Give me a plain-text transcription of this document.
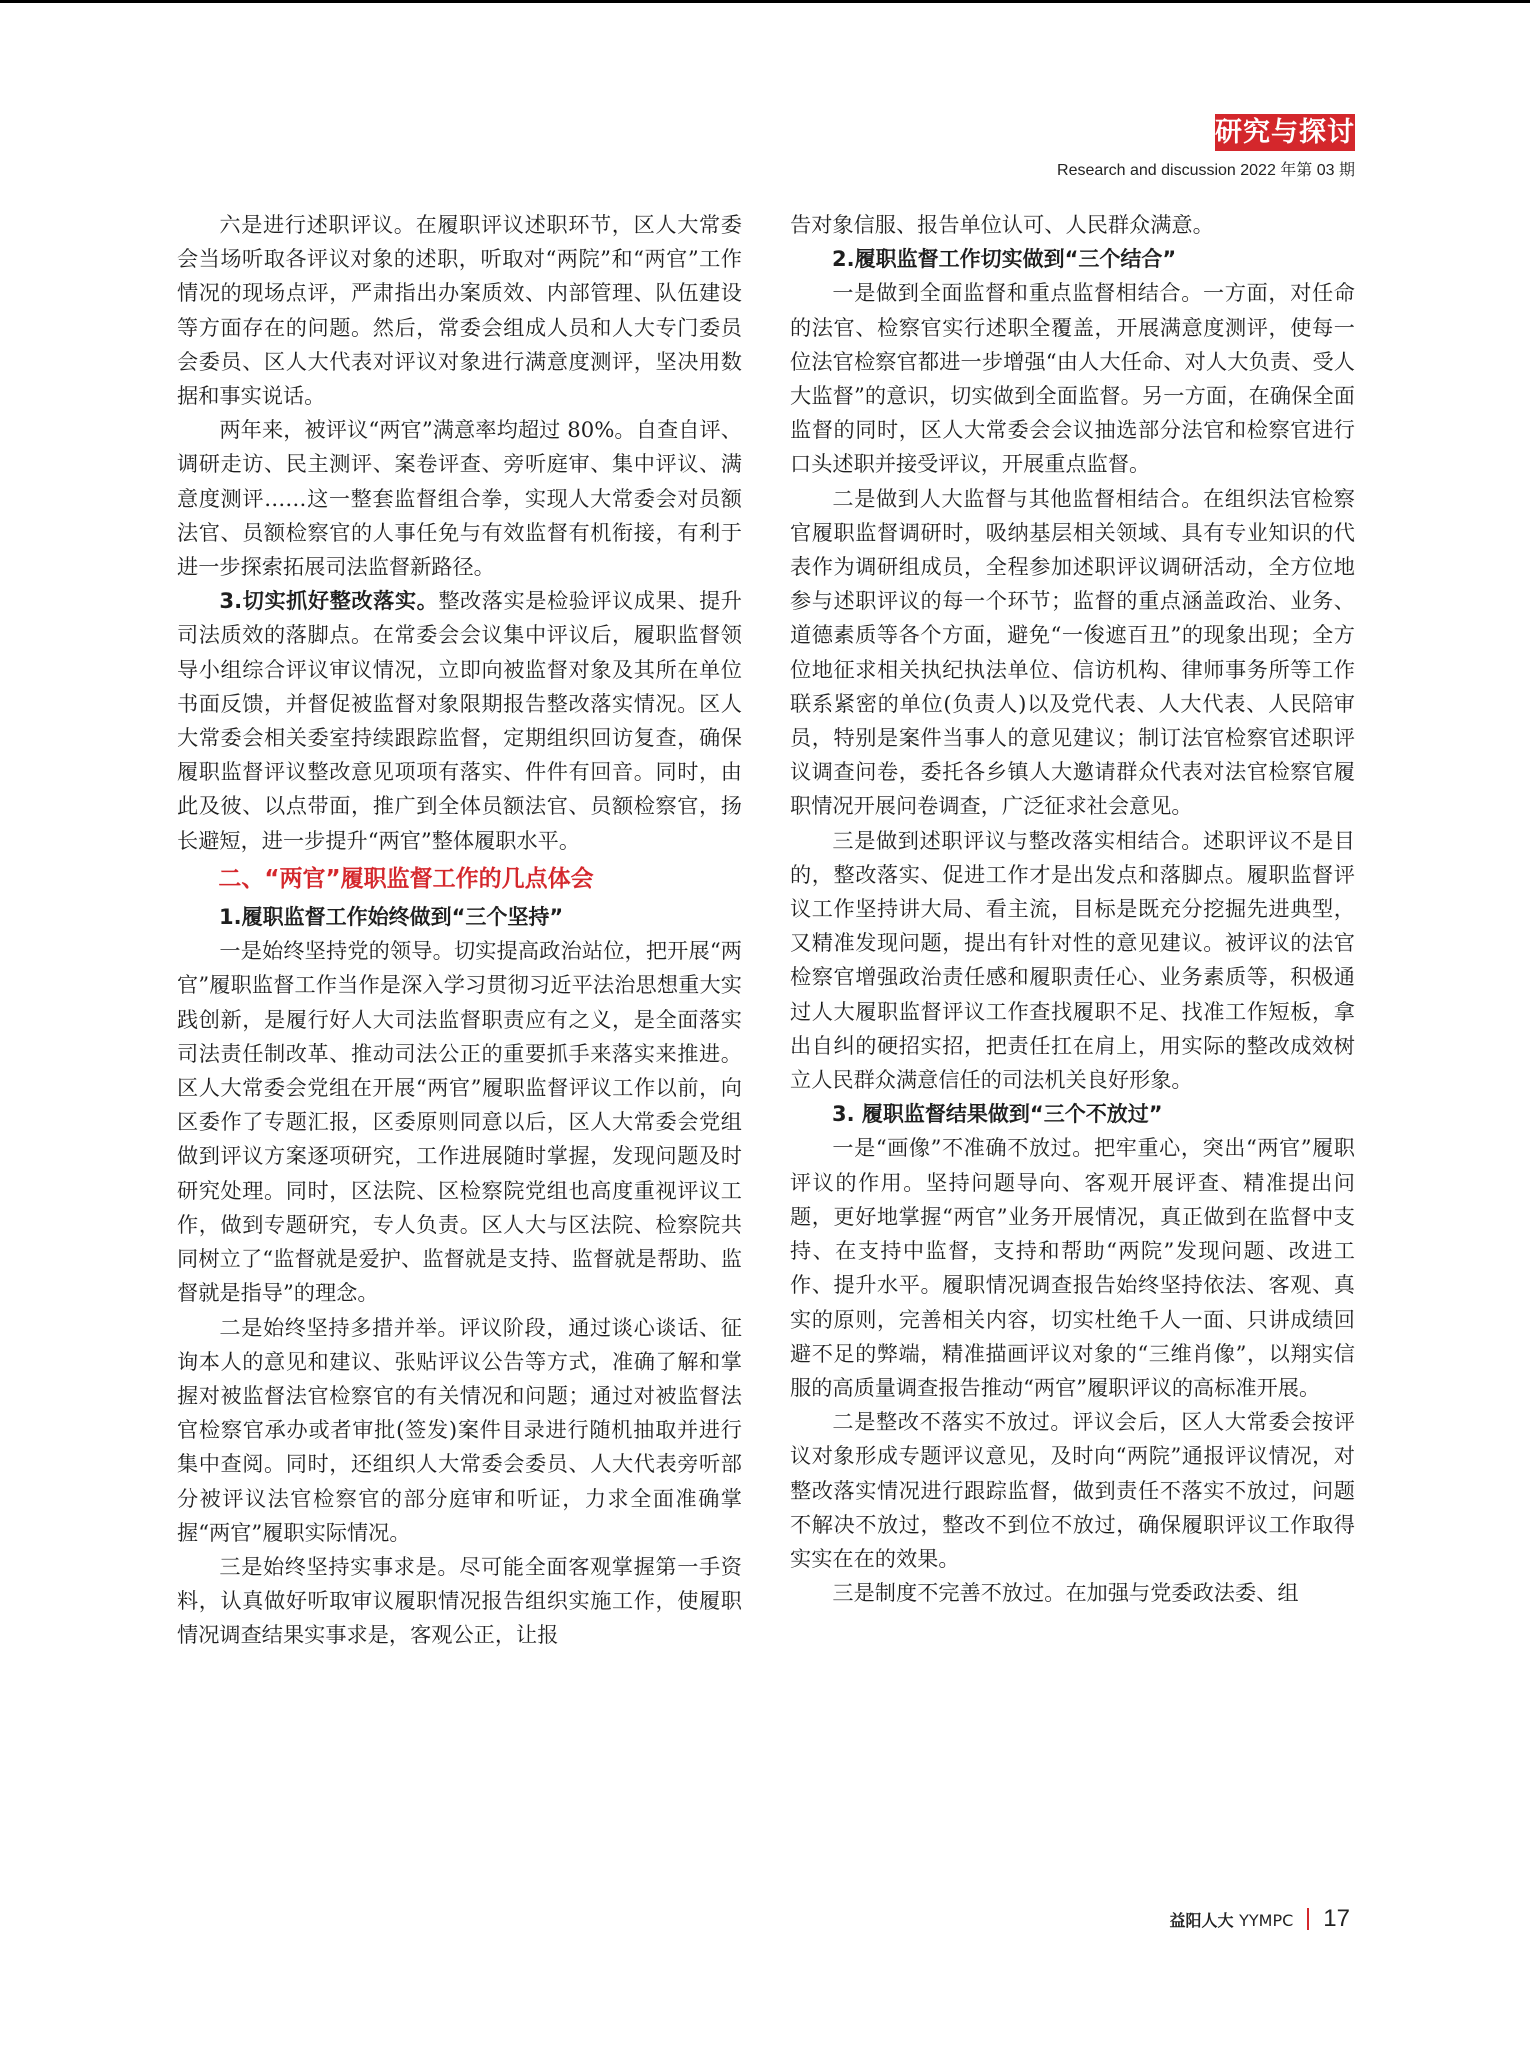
研究与探讨
Research and discussion 2022 年第 03 期

六是进行述职评议。在履职评议述职环节，区人大常委会当场听取各评议对象的述职，听取对“两院”和“两官”工作情况的现场点评，严肃指出办案质效、内部管理、队伍建设等方面存在的问题。然后，常委会组成人员和人大专门委员会委员、区人大代表对评议对象进行满意度测评，坚决用数据和事实说话。

两年来，被评议“两官”满意率均超过 80%。自查自评、调研走访、民主测评、案卷评查、旁听庭审、集中评议、满意度测评……这一整套监督组合拳，实现人大常委会对员额法官、员额检察官的人事任免与有效监督有机衔接，有利于进一步探索拓展司法监督新路径。

3.切实抓好整改落实。整改落实是检验评议成果、提升司法质效的落脚点。在常委会会议集中评议后，履职监督领导小组综合评议审议情况，立即向被监督对象及其所在单位书面反馈，并督促被监督对象限期报告整改落实情况。区人大常委会相关委室持续跟踪监督，定期组织回访复查，确保履职监督评议整改意见项项有落实、件件有回音。同时，由此及彼、以点带面，推广到全体员额法官、员额检察官，扬长避短，进一步提升“两官”整体履职水平。

二、“两官”履职监督工作的几点体会
1.履职监督工作始终做到“三个坚持”

一是始终坚持党的领导。切实提高政治站位，把开展“两官”履职监督工作当作是深入学习贯彻习近平法治思想重大实践创新，是履行好人大司法监督职责应有之义，是全面落实司法责任制改革、推动司法公正的重要抓手来落实来推进。区人大常委会党组在开展“两官”履职监督评议工作以前，向区委作了专题汇报，区委原则同意以后，区人大常委会党组做到评议方案逐项研究，工作进展随时掌握，发现问题及时研究处理。同时，区法院、区检察院党组也高度重视评议工作，做到专题研究，专人负责。区人大与区法院、检察院共同树立了“监督就是爱护、监督就是支持、监督就是帮助、监督就是指导”的理念。

二是始终坚持多措并举。评议阶段，通过谈心谈话、征询本人的意见和建议、张贴评议公告等方式，准确了解和掌握对被监督法官检察官的有关情况和问题；通过对被监督法官检察官承办或者审批(签发)案件目录进行随机抽取并进行集中查阅。同时，还组织人大常委会委员、人大代表旁听部分被评议法官检察官的部分庭审和听证，力求全面准确掌握“两官”履职实际情况。

三是始终坚持实事求是。尽可能全面客观掌握第一手资料，认真做好听取审议履职情况报告组织实施工作，使履职情况调查结果实事求是，客观公正，让报

告对象信服、报告单位认可、人民群众满意。

2.履职监督工作切实做到“三个结合”

一是做到全面监督和重点监督相结合。一方面，对任命的法官、检察官实行述职全覆盖，开展满意度测评，使每一位法官检察官都进一步增强“由人大任命、对人大负责、受人大监督”的意识，切实做到全面监督。另一方面，在确保全面监督的同时，区人大常委会会议抽选部分法官和检察官进行口头述职并接受评议，开展重点监督。

二是做到人大监督与其他监督相结合。在组织法官检察官履职监督调研时，吸纳基层相关领域、具有专业知识的代表作为调研组成员，全程参加述职评议调研活动，全方位地参与述职评议的每一个环节；监督的重点涵盖政治、业务、道德素质等各个方面，避免“一俊遮百丑”的现象出现；全方位地征求相关执纪执法单位、信访机构、律师事务所等工作联系紧密的单位(负责人)以及党代表、人大代表、人民陪审员，特别是案件当事人的意见建议；制订法官检察官述职评议调查问卷，委托各乡镇人大邀请群众代表对法官检察官履职情况开展问卷调查，广泛征求社会意见。

三是做到述职评议与整改落实相结合。述职评议不是目的，整改落实、促进工作才是出发点和落脚点。履职监督评议工作坚持讲大局、看主流，目标是既充分挖掘先进典型，又精准发现问题，提出有针对性的意见建议。被评议的法官检察官增强政治责任感和履职责任心、业务素质等，积极通过人大履职监督评议工作查找履职不足、找准工作短板，拿出自纠的硬招实招，把责任扛在肩上，用实际的整改成效树立人民群众满意信任的司法机关良好形象。

3. 履职监督结果做到“三个不放过”

一是“画像”不准确不放过。把牢重心，突出“两官”履职评议的作用。坚持问题导向、客观开展评查、精准提出问题，更好地掌握“两官”业务开展情况，真正做到在监督中支持、在支持中监督，支持和帮助“两院”发现问题、改进工作、提升水平。履职情况调查报告始终坚持依法、客观、真实的原则，完善相关内容，切实杜绝千人一面、只讲成绩回避不足的弊端，精准描画评议对象的“三维肖像”，以翔实信服的高质量调查报告推动“两官”履职评议的高标准开展。

二是整改不落实不放过。评议会后，区人大常委会按评议对象形成专题评议意见，及时向“两院”通报评议情况，对整改落实情况进行跟踪监督，做到责任不落实不放过，问题不解决不放过，整改不到位不放过，确保履职评议工作取得实实在在的效果。

三是制度不完善不放过。在加强与党委政法委、组

益阳人大 YYMPC 17
